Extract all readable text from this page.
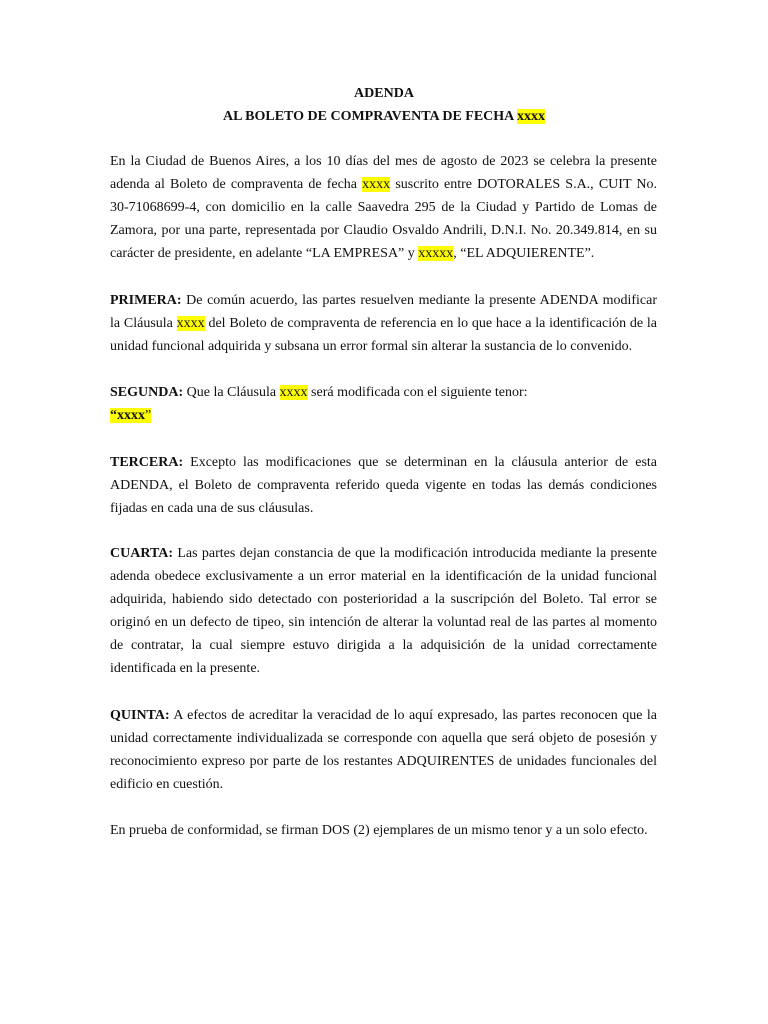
ADENDA
AL BOLETO DE COMPRAVENTA DE FECHA xxxx

En la Ciudad de Buenos Aires, a los 10 días del mes de agosto de 2023 se celebra la presente adenda al Boleto de compraventa de fecha xxxx suscrito entre DOTORALES S.A., CUIT No. 30-71068699-4, con domicilio en la calle Saavedra 295 de la Ciudad y Partido de Lomas de Zamora, por una parte, representada por Claudio Osvaldo Andrili, D.N.I. No. 20.349.814, en su carácter de presidente, en adelante “LA EMPRESA” y xxxxx, “EL ADQUIERENTE”.

PRIMERA: De común acuerdo, las partes resuelven mediante la presente ADENDA modificar la Cláusula xxxx del Boleto de compraventa de referencia en lo que hace a la identificación de la unidad funcional adquirida y subsana un error formal sin alterar la sustancia de lo convenido.

SEGUNDA: Que la Cláusula xxxx será modificada con el siguiente tenor:
“xxxx”

TERCERA: Excepto las modificaciones que se determinan en la cláusula anterior de esta ADENDA, el Boleto de compraventa referido queda vigente en todas las demás condiciones fijadas en cada una de sus cláusulas.

CUARTA: Las partes dejan constancia de que la modificación introducida mediante la presente adenda obedece exclusivamente a un error material en la identificación de la unidad funcional adquirida, habiendo sido detectado con posterioridad a la suscripción del Boleto. Tal error se originó en un defecto de tipeo, sin intención de alterar la voluntad real de las partes al momento de contratar, la cual siempre estuvo dirigida a la adquisición de la unidad correctamente identificada en la presente.

QUINTA: A efectos de acreditar la veracidad de lo aquí expresado, las partes reconocen que la unidad correctamente individualizada se corresponde con aquella que será objeto de posesión y reconocimiento expreso por parte de los restantes ADQUIRENTES de unidades funcionales del edificio en cuestión.

En prueba de conformidad, se firman DOS (2) ejemplares de un mismo tenor y a un solo efecto.
